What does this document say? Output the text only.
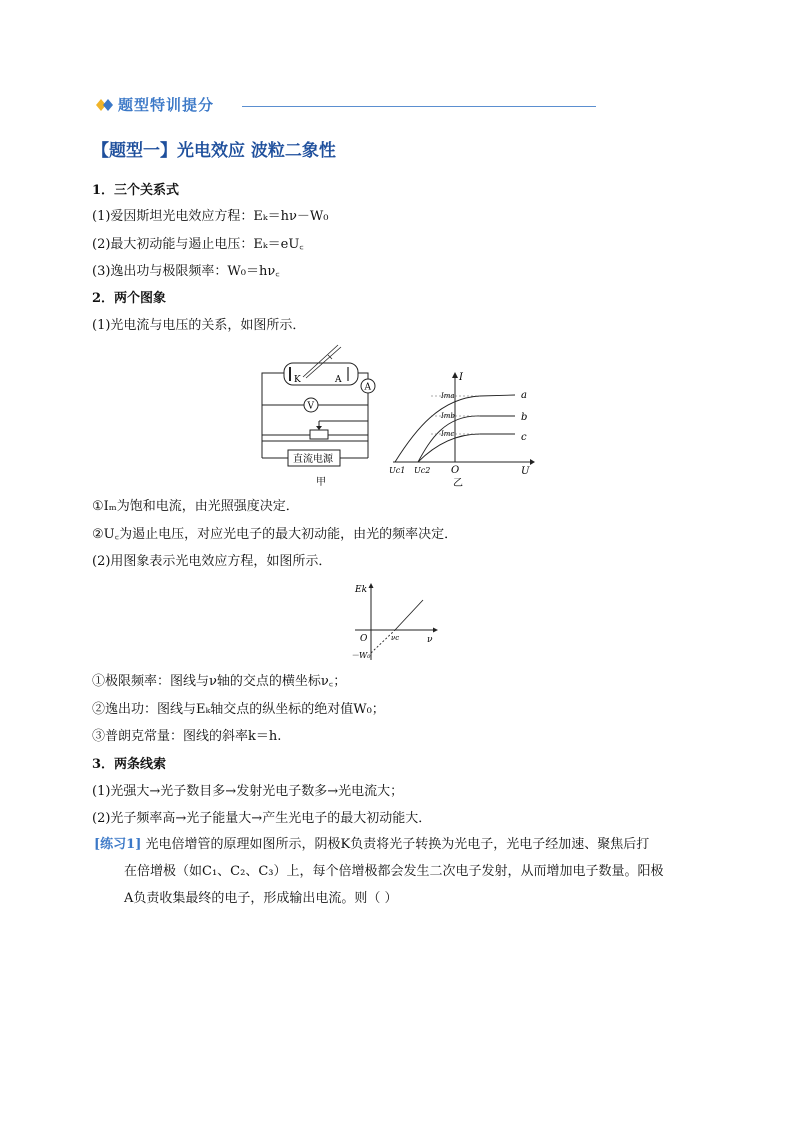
题型特训提分
【题型一】光电效应 波粒二象性
1．三个关系式
(1)爱因斯坦光电效应方程：Eₖ＝hν－W₀
(2)最大初动能与遏止电压：Eₖ＝eU꜀
(3)逸出功与极限频率：W₀＝hν꜀
2．两个图象
(1)光电流与电压的关系，如图所示．
K	A
A
V
直流电源
甲
I
U
O
Uc1 Uc2
Ima
Imb
Imc
a
b
c
乙
①Iₘ为饱和电流，由光照强度决定．
②U꜀为遏止电压，对应光电子的最大初动能，由光的频率决定．
(2)用图象表示光电效应方程，如图所示．
Ek
ν
O	νc
－W₀
①极限频率：图线与ν轴的交点的横坐标ν꜀；
②逸出功：图线与Eₖ轴交点的纵坐标的绝对值W₀；
③普朗克常量：图线的斜率k＝h.
3．两条线索
(1)光强大→光子数目多→发射光电子数多→光电流大；
(2)光子频率高→光子能量大→产生光电子的最大初动能大．
[练习1] 光电倍增管的原理如图所示，阴极K负责将光子转换为光电子，光电子经加速、聚焦后打
在倍增极（如C₁、C₂、C₃）上，每个倍增极都会发生二次电子发射，从而增加电子数量。阳极
A负责收集最终的电子，形成输出电流。则（ ）
